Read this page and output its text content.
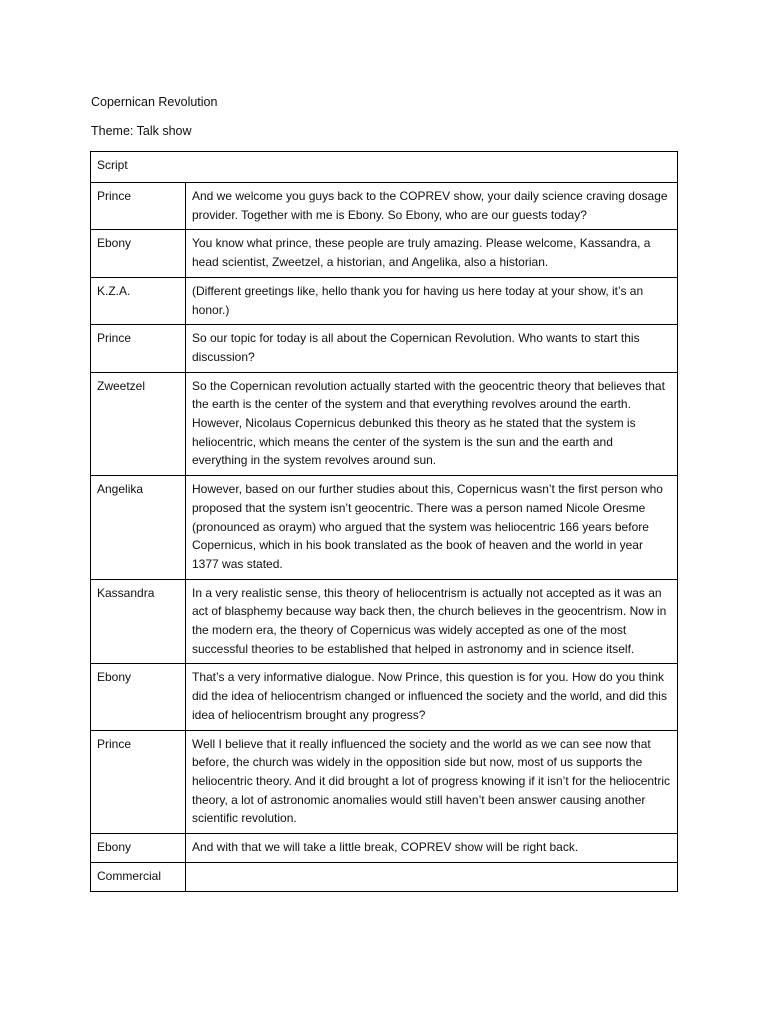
Copernican Revolution
Theme: Talk show
Script	
Prince	And we welcome you guys back to the COPREV show, your daily science craving dosage provider. Together with me is Ebony. So Ebony, who are our guests today?
Ebony	You know what prince, these people are truly amazing. Please welcome, Kassandra, a head scientist, Zweetzel, a historian, and Angelika, also a historian.
K.Z.A.	(Different greetings like, hello thank you for having us here today at your show, it’s an honor.)
Prince	So our topic for today is all about the Copernican Revolution. Who wants to start this discussion?
Zweetzel	So the Copernican revolution actually started with the geocentric theory that believes that the earth is the center of the system and that everything revolves around the earth. However, Nicolaus Copernicus debunked this theory as he stated that the system is heliocentric, which means the center of the system is the sun and the earth and everything in the system revolves around sun.
Angelika	However, based on our further studies about this, Copernicus wasn’t the first person who proposed that the system isn’t geocentric. There was a person named Nicole Oresme (pronounced as oraym) who argued that the system was heliocentric 166 years before Copernicus, which in his book translated as the book of heaven and the world in year 1377 was stated.
Kassandra	In a very realistic sense, this theory of heliocentrism is actually not accepted as it was an act of blasphemy because way back then, the church believes in the geocentrism. Now in the modern era, the theory of Copernicus was widely accepted as one of the most successful theories to be established that helped in astronomy and in science itself.
Ebony	That’s a very informative dialogue. Now Prince, this question is for you. How do you think did the idea of heliocentrism changed or influenced the society and the world, and did this idea of heliocentrism brought any progress?
Prince	Well I believe that it really influenced the society and the world as we can see now that before, the church was widely in the opposition side but now, most of us supports the heliocentric theory. And it did brought a lot of progress knowing if it isn’t for the heliocentric theory, a lot of astronomic anomalies would still haven’t been answer causing another scientific revolution.
Ebony	And with that we will take a little break, COPREV show will be right back.
Commercial	
